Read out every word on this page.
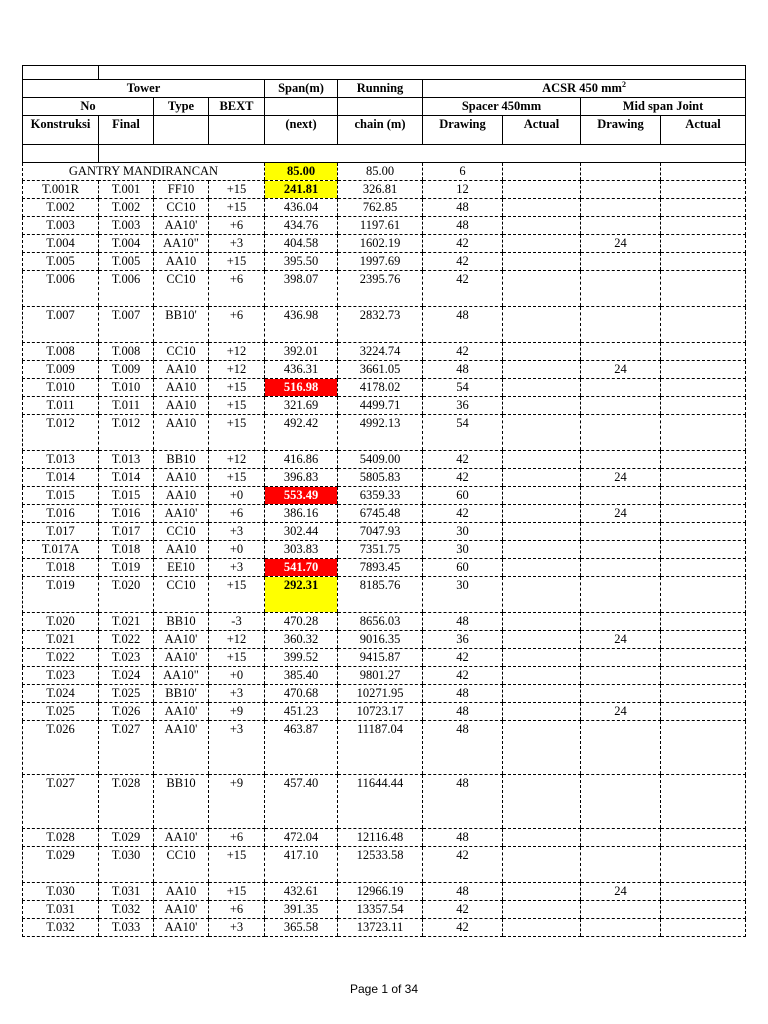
Tower				Span(m)	Running	ACSR 450 $mm^2$
No		Type	BEXT			Spacer 450mm		Mid span Joint	
Konstruksi	Final			(next)	chain (m)	Drawing	Actual	Drawing	Actual

GANTRY MANDIRANCAN				85.00	85.00	6			
T.001R	T.001	FF10	+15	241.81	326.81	12			
T.002	T.002	CC10	+15	436.04	762.85	48			
T.003	T.003	AA10'	+6	434.76	1197.61	48			
T.004	T.004	AA10"	+3	404.58	1602.19	42		24	
T.005	T.005	AA10	+15	395.50	1997.69	42			
T.006	T.006	CC10	+6	398.07	2395.76	42			
T.007	T.007	BB10'	+6	436.98	2832.73	48			
T.008	T.008	CC10	+12	392.01	3224.74	42			
T.009	T.009	AA10	+12	436.31	3661.05	48		24	
T.010	T.010	AA10	+15	516.98	4178.02	54			
T.011	T.011	AA10	+15	321.69	4499.71	36			
T.012	T.012	AA10	+15	492.42	4992.13	54			
T.013	T.013	BB10	+12	416.86	5409.00	42			
T.014	T.014	AA10	+15	396.83	5805.83	42		24	
T.015	T.015	AA10	+0	553.49	6359.33	60			
T.016	T.016	AA10'	+6	386.16	6745.48	42		24	
T.017	T.017	CC10	+3	302.44	7047.93	30			
T.017A	T.018	AA10	+0	303.83	7351.75	30			
T.018	T.019	EE10	+3	541.70	7893.45	60			
T.019	T.020	CC10	+15	292.31	8185.76	30			
T.020	T.021	BB10	-3	470.28	8656.03	48			
T.021	T.022	AA10'	+12	360.32	9016.35	36		24	
T.022	T.023	AA10'	+15	399.52	9415.87	42			
T.023	T.024	AA10"	+0	385.40	9801.27	42			
T.024	T.025	BB10'	+3	470.68	10271.95	48			
T.025	T.026	AA10'	+9	451.23	10723.17	48		24	
T.026	T.027	AA10'	+3	463.87	11187.04	48			
T.027	T.028	BB10	+9	457.40	11644.44	48			
T.028	T.029	AA10'	+6	472.04	12116.48	48			
T.029	T.030	CC10	+15	417.10	12533.58	42			
T.030	T.031	AA10	+15	432.61	12966.19	48		24	
T.031	T.032	AA10'	+6	391.35	13357.54	42			
T.032	T.033	AA10'	+3	365.58	13723.11	42			
Page 1 of 34
